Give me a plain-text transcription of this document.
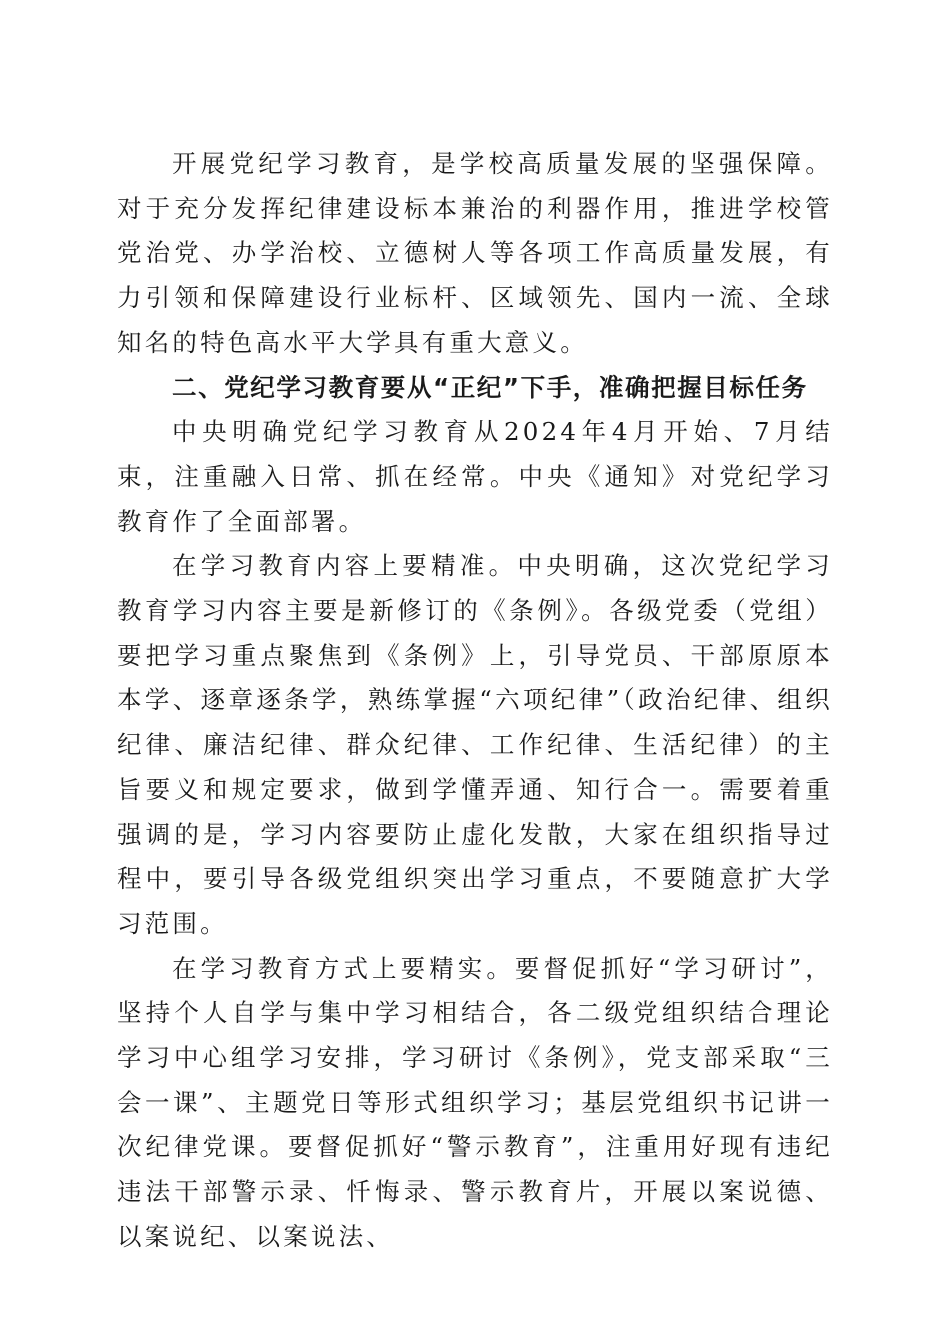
开展党纪学习教育，是学校高质量发展的坚强保障。对于充分发挥纪律建设标本兼治的利器作用，推进学校管党治党、办学治校、立德树人等各项工作高质量发展，有力引领和保障建设行业标杆、区域领先、国内一流、全球知名的特色高水平大学具有重大意义。

二、党纪学习教育要从“正纪”下手，准确把握目标任务

中央明确党纪学习教育从2024年4月开始、7月结束，注重融入日常、抓在经常。中央《通知》对党纪学习教育作了全面部署。

在学习教育内容上要精准。中央明确，这次党纪学习教育学习内容主要是新修订的《条例》。各级党委（党组）要把学习重点聚焦到《条例》上，引导党员、干部原原本本学、逐章逐条学，熟练掌握“六项纪律”（政治纪律、组织纪律、廉洁纪律、群众纪律、工作纪律、生活纪律）的主旨要义和规定要求，做到学懂弄通、知行合一。需要着重强调的是，学习内容要防止虚化发散，大家在组织指导过程中，要引导各级党组织突出学习重点，不要随意扩大学习范围。

在学习教育方式上要精实。要督促抓好“学习研讨”，坚持个人自学与集中学习相结合，各二级党组织结合理论学习中心组学习安排，学习研讨《条例》，党支部采取“三会一课”、主题党日等形式组织学习；基层党组织书记讲一次纪律党课。要督促抓好“警示教育”，注重用好现有违纪违法干部警示录、忏悔录、警示教育片，开展以案说德、以案说纪、以案说法、
